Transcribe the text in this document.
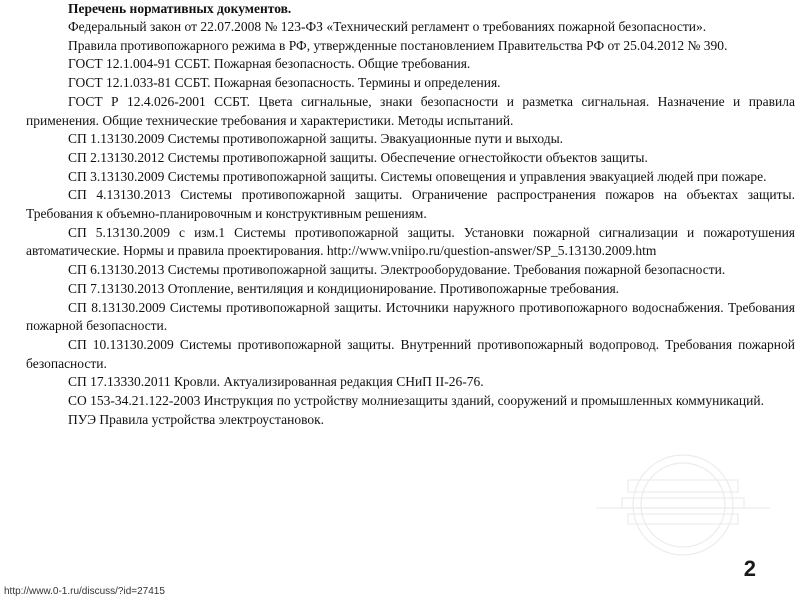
Перечень нормативных документов.

Федеральный закон от 22.07.2008 № 123-ФЗ «Технический регламент о требованиях пожарной безопасности».
Правила противопожарного режима в РФ, утвержденные постановлением Правительства РФ от 25.04.2012 № 390.
ГОСТ 12.1.004-91 ССБТ. Пожарная безопасность. Общие требования.
ГОСТ 12.1.033-81 ССБТ. Пожарная безопасность. Термины и определения.
ГОСТ Р 12.4.026-2001 ССБТ. Цвета сигнальные, знаки безопасности и разметка сигнальная. Назначение и правила применения. Общие технические требования и характеристики. Методы испытаний.
СП 1.13130.2009 Системы противопожарной защиты. Эвакуационные пути и выходы.
СП 2.13130.2012 Системы противопожарной защиты. Обеспечение огнестойкости объектов защиты.
СП 3.13130.2009 Системы противопожарной защиты. Системы оповещения и управления эвакуацией людей при пожаре.
СП 4.13130.2013 Системы противопожарной защиты. Ограничение распространения пожаров на объектах защиты. Требования к объемно-планировочным и конструктивным решениям.
СП 5.13130.2009 с изм.1 Системы противопожарной защиты. Установки пожарной сигнализации и пожаротушения автоматические. Нормы и правила проектирования. http://www.vniipo.ru/question-answer/SP_5.13130.2009.htm
СП 6.13130.2013 Системы противопожарной защиты. Электрооборудование. Требования пожарной безопасности.
СП 7.13130.2013 Отопление, вентиляция и кондиционирование. Противопожарные требования.
СП 8.13130.2009 Системы противопожарной защиты. Источники наружного противопожарного водоснабжения. Требования пожарной безопасности.
СП 10.13130.2009 Системы противопожарной защиты. Внутренний противопожарный водопровод. Требования пожарной безопасности.
СП 17.13330.2011 Кровли. Актуализированная редакция СНиП II-26-76.
СО 153-34.21.122-2003 Инструкция по устройству молниезащиты зданий, сооружений и промышленных коммуникаций.
ПУЭ Правила устройства электроустановок.
http://www.0-1.ru/discuss/?id=27415
2
